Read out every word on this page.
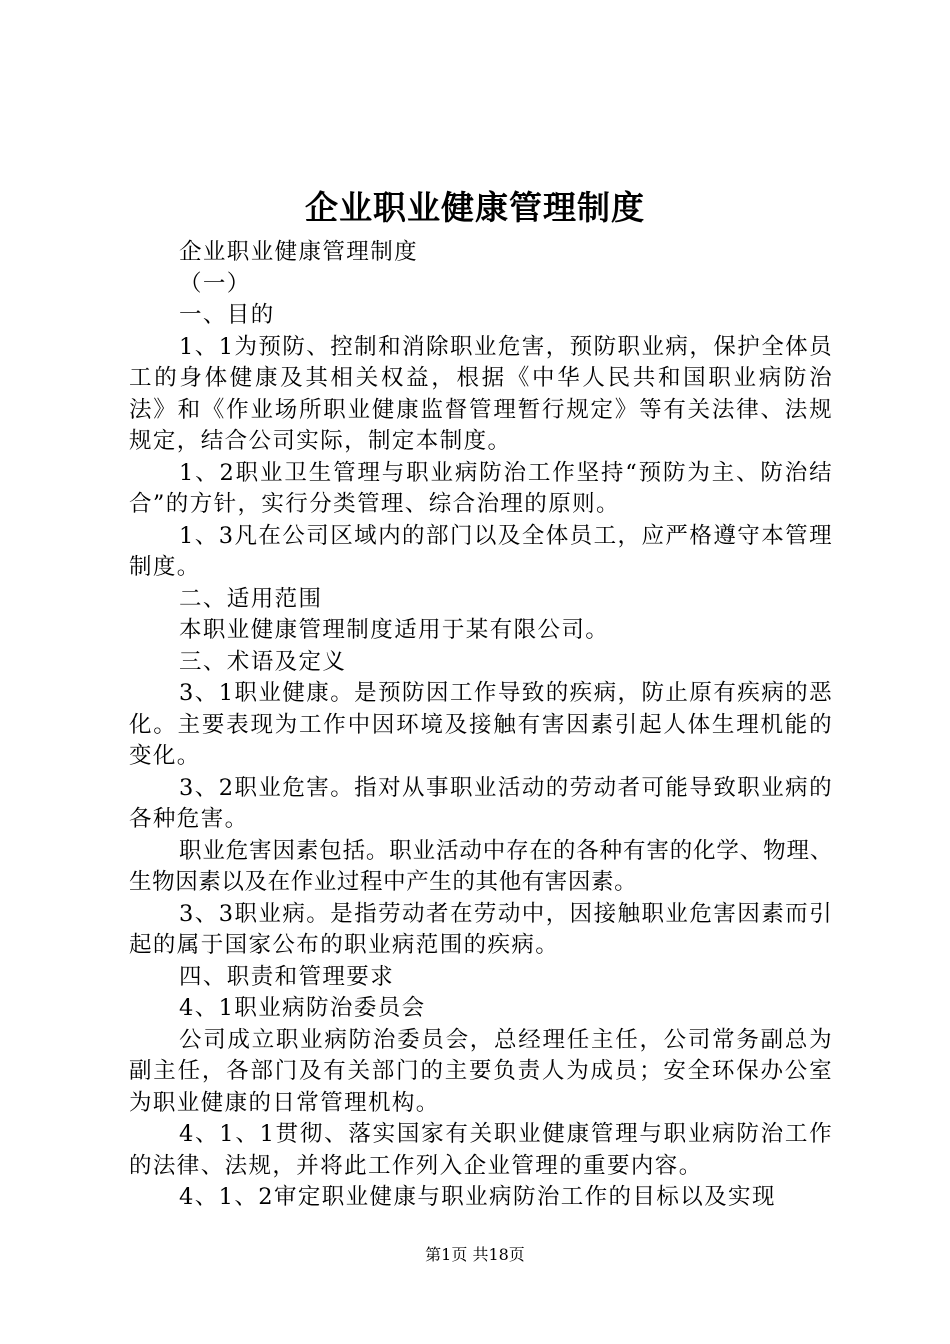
企业职业健康管理制度

企业职业健康管理制度

（一）

一、目的

1、1为预防、控制和消除职业危害，预防职业病，保护全体员工的身体健康及其相关权益，根据《中华人民共和国职业病防治法》和《作业场所职业健康监督管理暂行规定》等有关法律、法规规定，结合公司实际，制定本制度。

1、2职业卫生管理与职业病防治工作坚持“预防为主、防治结合”的方针，实行分类管理、综合治理的原则。

1、3凡在公司区域内的部门以及全体员工，应严格遵守本管理制度。

二、适用范围

本职业健康管理制度适用于某有限公司。

三、术语及定义

3、1职业健康。是预防因工作导致的疾病，防止原有疾病的恶化。主要表现为工作中因环境及接触有害因素引起人体生理机能的变化。

3、2职业危害。指对从事职业活动的劳动者可能导致职业病的各种危害。

职业危害因素包括。职业活动中存在的各种有害的化学、物理、生物因素以及在作业过程中产生的其他有害因素。

3、3职业病。是指劳动者在劳动中，因接触职业危害因素而引起的属于国家公布的职业病范围的疾病。

四、职责和管理要求

4、1职业病防治委员会

公司成立职业病防治委员会，总经理任主任，公司常务副总为副主任，各部门及有关部门的主要负责人为成员；安全环保办公室为职业健康的日常管理机构。

4、1、1贯彻、落实国家有关职业健康管理与职业病防治工作的法律、法规，并将此工作列入企业管理的重要内容。

4、1、2审定职业健康与职业病防治工作的目标以及实现

第1页 共18页
